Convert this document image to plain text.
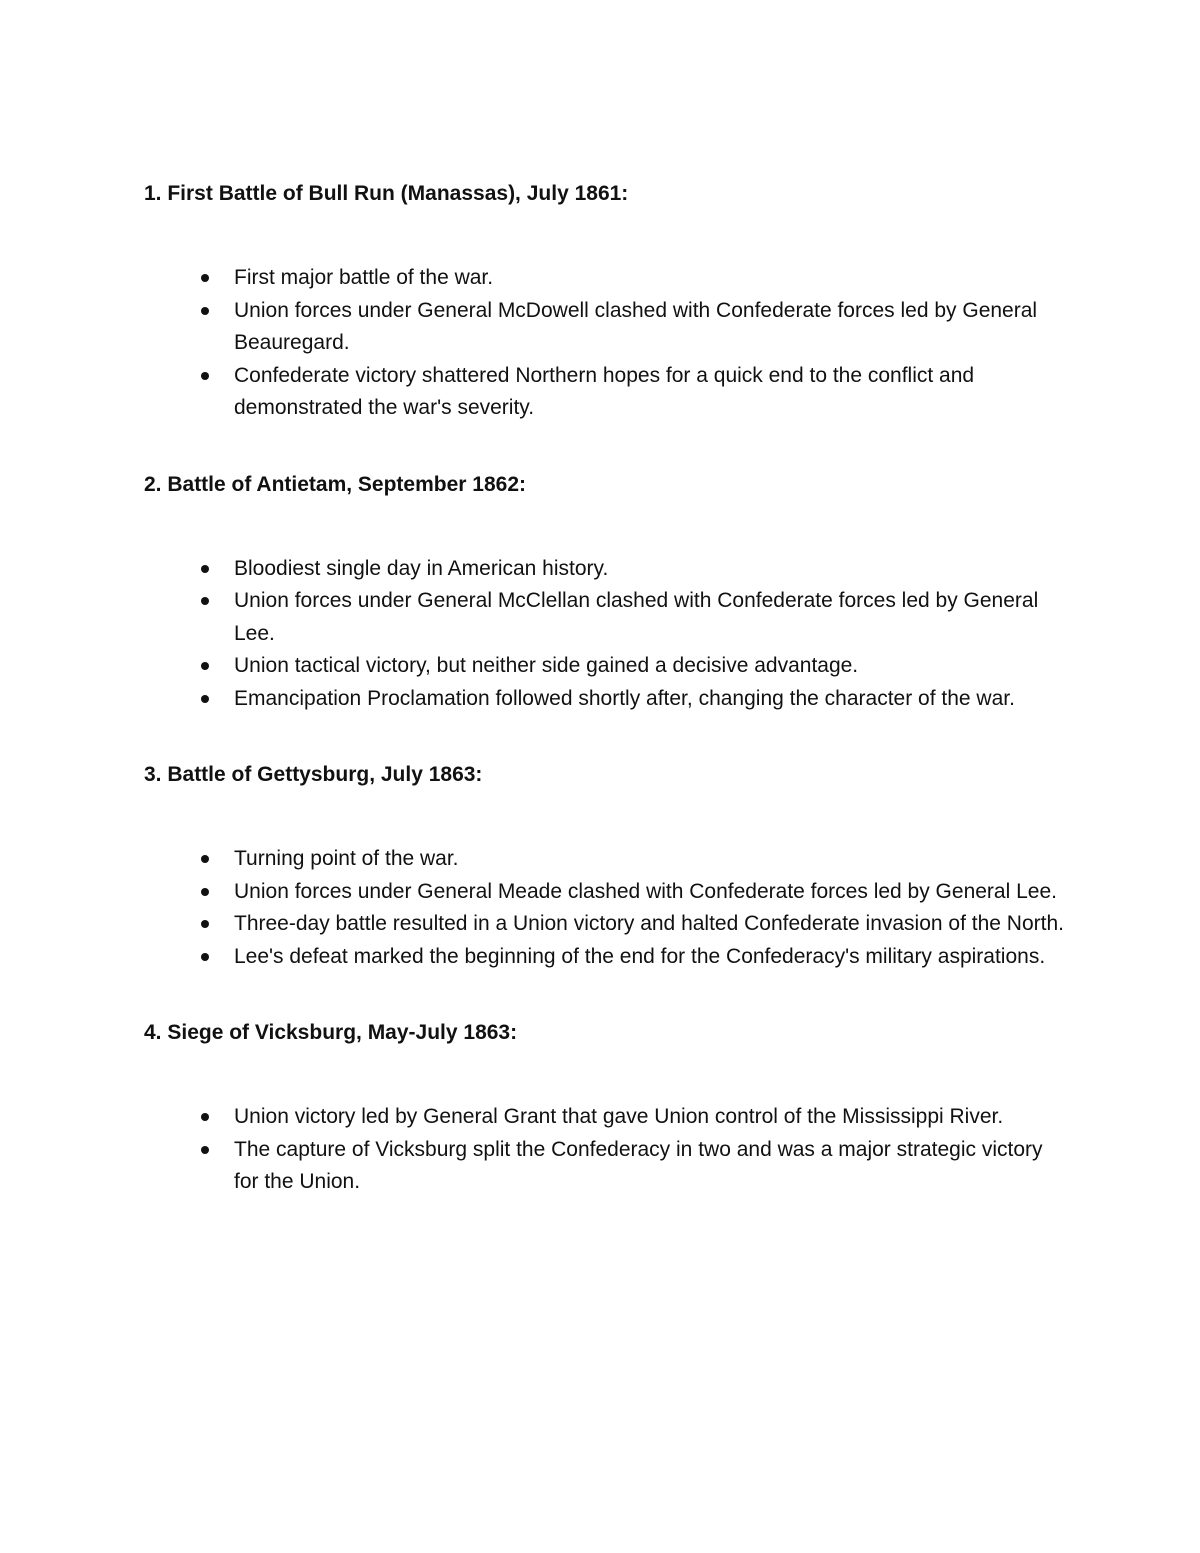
1. First Battle of Bull Run (Manassas), July 1861:
First major battle of the war.
Union forces under General McDowell clashed with Confederate forces led by General Beauregard.
Confederate victory shattered Northern hopes for a quick end to the conflict and demonstrated the war's severity.
2. Battle of Antietam, September 1862:
Bloodiest single day in American history.
Union forces under General McClellan clashed with Confederate forces led by General Lee.
Union tactical victory, but neither side gained a decisive advantage.
Emancipation Proclamation followed shortly after, changing the character of the war.
3. Battle of Gettysburg, July 1863:
Turning point of the war.
Union forces under General Meade clashed with Confederate forces led by General Lee.
Three-day battle resulted in a Union victory and halted Confederate invasion of the North.
Lee's defeat marked the beginning of the end for the Confederacy's military aspirations.
4. Siege of Vicksburg, May-July 1863:
Union victory led by General Grant that gave Union control of the Mississippi River.
The capture of Vicksburg split the Confederacy in two and was a major strategic victory for the Union.
